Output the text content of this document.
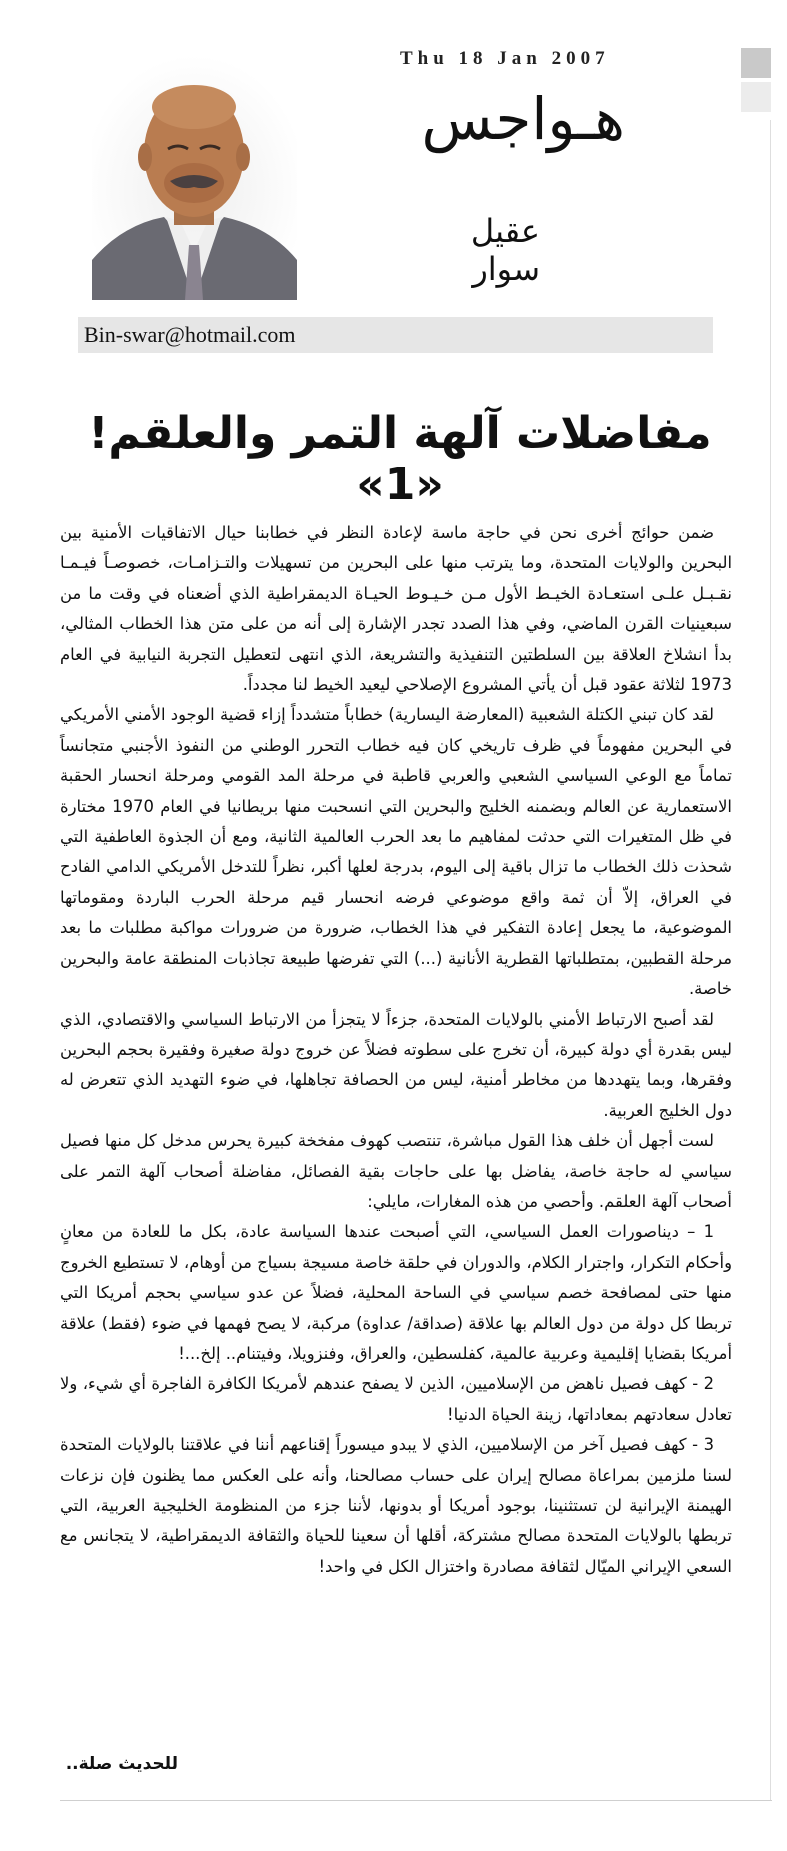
Thu 18 Jan 2007
هـواجس
عقيل سوار
Bin-swar@hotmail.com
مفاضلات آلهة التمر والعلقم! «1»

ضمن حوائج أخرى نحن في حاجة ماسة لإعادة النظر في خطابنا حيال الاتفاقيات الأمنية بين البحرين والولايات المتحدة، وما يترتب منها على البحرين من تسهيلات والتـزامـات، خصوصـاً فيـمـا نقـبـل علـى استعـادة الخيـط الأول مـن خـيـوط الحيـاة الديمقراطية الذي أضعناه في وقت ما من سبعينيات القرن الماضي، وفي هذا الصدد تجدر الإشارة إلى أنه من على متن هذا الخطاب المثالي، بدأ انشلاخ العلاقة بين السلطتين التنفيذية والتشريعة، الذي انتهى لتعطيل التجربة النيابية في العام 1973 لثلاثة عقود قبل أن يأتي المشروع الإصلاحي ليعيد الخيط لنا مجدداً.

لقد كان تبني الكتلة الشعبية (المعارضة اليسارية) خطاباً متشدداً إزاء قضية الوجود الأمني الأمريكي في البحرين مفهوماً في ظرف تاريخي كان فيه خطاب التحرر الوطني من النفوذ الأجنبي متجانساً تماماً مع الوعي السياسي الشعبي والعربي قاطبة في مرحلة المد القومي ومرحلة انحسار الحقبة الاستعمارية عن العالم وبضمنه الخليج والبحرين التي انسحبت منها بريطانيا في العام 1970 مختارة في ظل المتغيرات التي حدثت لمفاهيم ما بعد الحرب العالمية الثانية، ومع أن الجذوة العاطفية التي شحذت ذلك الخطاب ما تزال باقية إلى اليوم، بدرجة لعلها أكبر، نظراً للتدخل الأمريكي الدامي الفادح في العراق، إلاّ أن ثمة واقع موضوعي فرضه انحسار قيم مرحلة الحرب الباردة ومقوماتها الموضوعية، ما يجعل إعادة التفكير في هذا الخطاب، ضرورة من ضرورات مواكبة مطلبات ما بعد مرحلة القطبين، بمتطلباتها القطرية الأنانية (...) التي تفرضها طبيعة تجاذبات المنطقة عامة والبحرين خاصة.

لقد أصبح الارتباط الأمني بالولايات المتحدة، جزءاً لا يتجزأ من الارتباط السياسي والاقتصادي، الذي ليس بقدرة أي دولة كبيرة، أن تخرج على سطوته فضلاً عن خروج دولة صغيرة وفقيرة بحجم البحرين وفقرها، وبما يتهددها من مخاطر أمنية، ليس من الحصافة تجاهلها، في ضوء التهديد الذي تتعرض له دول الخليج العربية.

لست أجهل أن خلف هذا القول مباشرة، تنتصب كهوف مفخخة كبيرة يحرس مدخل كل منها فصيل سياسي له حاجة خاصة، يفاضل بها على حاجات بقية الفصائل، مفاضلة أصحاب آلهة التمر على أصحاب آلهة العلقم. وأحصي من هذه المغارات، مايلي:

1 – ديناصورات العمل السياسي، التي أصبحت عندها السياسة عادة، بكل ما للعادة من معانٍ وأحكام التكرار، واجترار الكلام، والدوران في حلقة خاصة مسيجة بسياج من أوهام، لا تستطيع الخروج منها حتى لمصافحة خصم سياسي في الساحة المحلية، فضلاً عن عدو سياسي بحجم أمريكا التي تربطا كل دولة من دول العالم بها علاقة (صداقة/ عداوة) مركبة، لا يصح فهمها في ضوء (فقط) علاقة أمريكا بقضايا إقليمية وعربية عالمية، كفلسطين، والعراق، وفنزويلا، وفيتنام.. إلخ...!

2 - كهف فصيل ناهض من الإسلاميين، الذين لا يصفح عندهم لأمريكا الكافرة الفاجرة أي شيء، ولا تعادل سعادتهم بمعاداتها، زينة الحياة الدنيا!

3 - كهف فصيل آخر من الإسلاميين، الذي لا يبدو ميسوراً إقناعهم أننا في علاقتنا بالولايات المتحدة لسنا ملزمين بمراعاة مصالح إيران على حساب مصالحنا، وأنه على العكس مما يظنون فإن نزعات الهيمنة الإيرانية لن تستثنينا، بوجود أمريكا أو بدونها، لأننا جزء من المنظومة الخليجية العربية، التي تربطها بالولايات المتحدة مصالح مشتركة، أقلها أن سعينا للحياة والثقافة الديمقراطية، لا يتجانس مع السعي الإيراني الميّال لثقافة مصادرة واختزال الكل في واحد!

للحديث صلة..
